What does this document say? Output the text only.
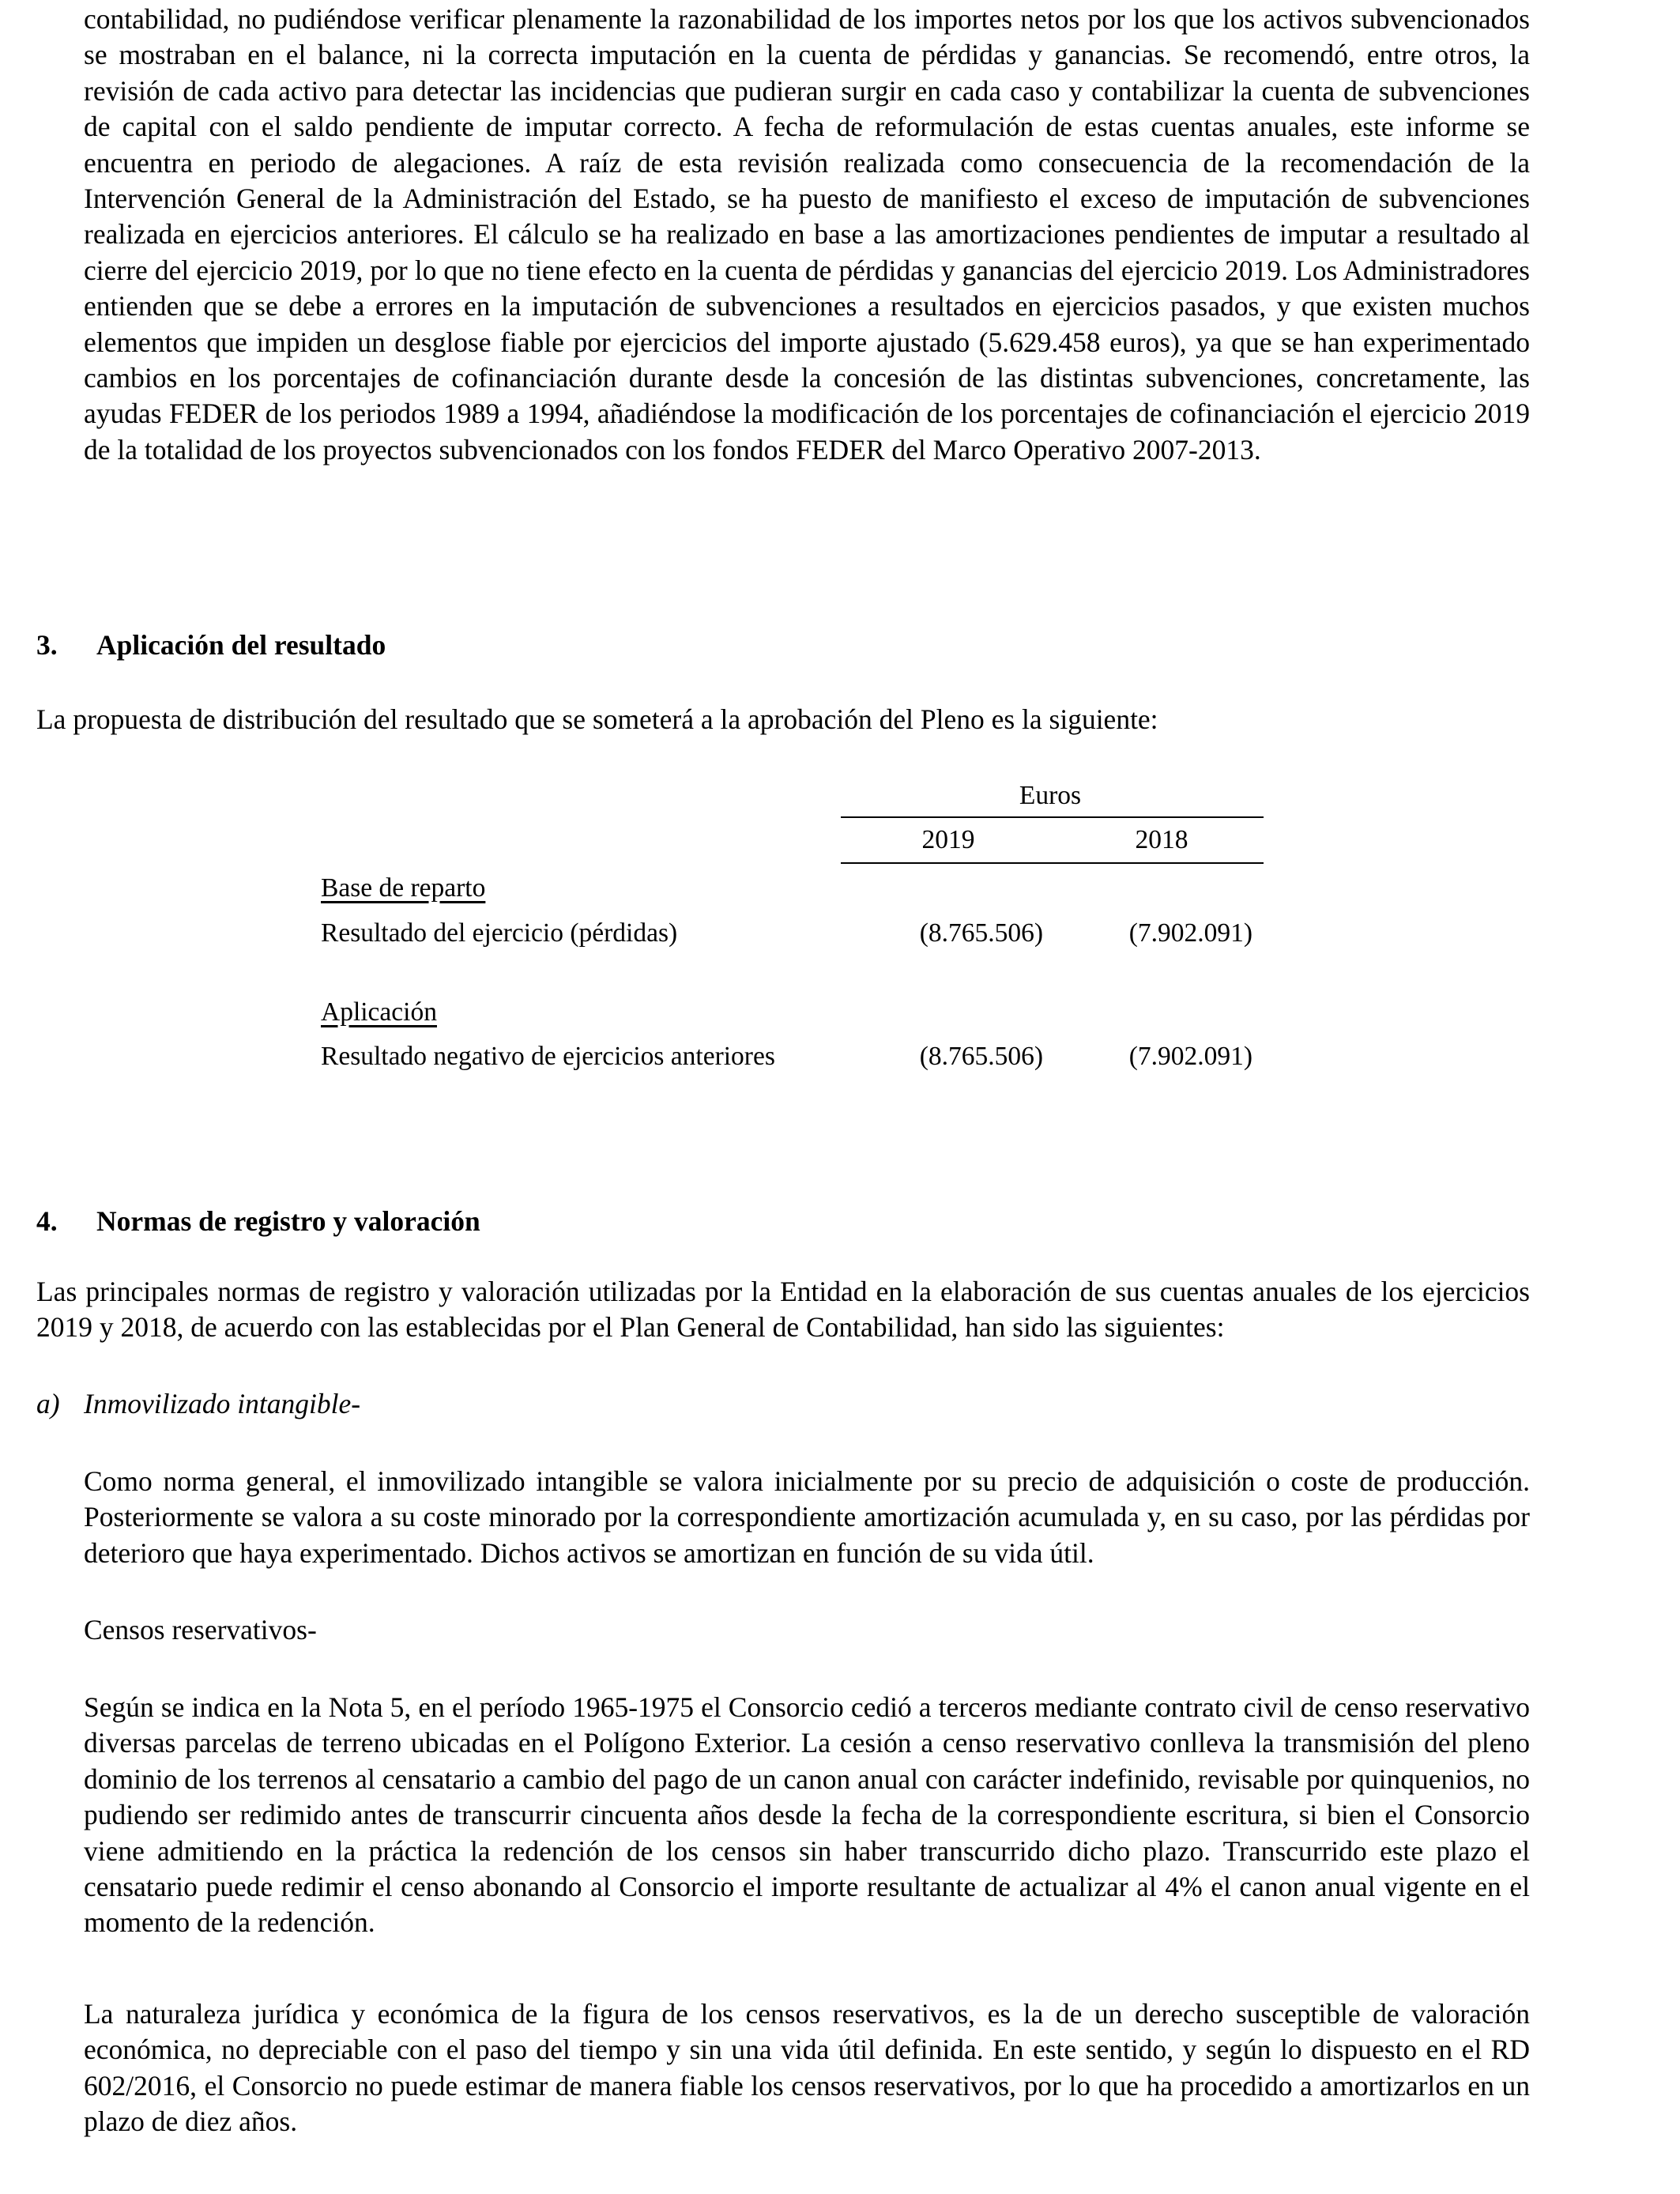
contabilidad, no pudiéndose verificar plenamente la razonabilidad de los importes netos por los que los activos subvencionados se mostraban en el balance, ni la correcta imputación en la cuenta de pérdidas y ganancias. Se recomendó, entre otros, la revisión de cada activo para detectar las incidencias que pudieran surgir en cada caso y contabilizar la cuenta de subvenciones de capital con el saldo pendiente de imputar correcto. A fecha de reformulación de estas cuentas anuales, este informe se encuentra en periodo de alegaciones. A raíz de esta revisión realizada como consecuencia de la recomendación de la Intervención General de la Administración del Estado, se ha puesto de manifiesto el exceso de imputación de subvenciones realizada en ejercicios anteriores. El cálculo se ha realizado en base a las amortizaciones pendientes de imputar a resultado al cierre del ejercicio 2019, por lo que no tiene efecto en la cuenta de pérdidas y ganancias del ejercicio 2019. Los Administradores entienden que se debe a errores en la imputación de subvenciones a resultados en ejercicios pasados, y que existen muchos elementos que impiden un desglose fiable por ejercicios del importe ajustado (5.629.458 euros), ya que se han experimentado cambios en los porcentajes de cofinanciación durante desde la concesión de las distintas subvenciones, concretamente, las ayudas FEDER de los periodos 1989 a 1994, añadiéndose la modificación de los porcentajes de cofinanciación el ejercicio 2019 de la totalidad de los proyectos subvencionados con los fondos FEDER del Marco Operativo 2007-2013.

3. Aplicación del resultado

La propuesta de distribución del resultado que se someterá a la aprobación del Pleno es la siguiente:

Euros
2019	2018
Base de reparto
Resultado del ejercicio (pérdidas)	(8.765.506)	(7.902.091)
Aplicación
Resultado negativo de ejercicios anteriores	(8.765.506)	(7.902.091)
4. Normas de registro y valoración

Las principales normas de registro y valoración utilizadas por la Entidad en la elaboración de sus cuentas anuales de los ejercicios 2019 y 2018, de acuerdo con las establecidas por el Plan General de Contabilidad, han sido las siguientes:

a) Inmovilizado intangible-

Como norma general, el inmovilizado intangible se valora inicialmente por su precio de adquisición o coste de producción. Posteriormente se valora a su coste minorado por la correspondiente amortización acumulada y, en su caso, por las pérdidas por deterioro que haya experimentado. Dichos activos se amortizan en función de su vida útil.

Censos reservativos-

Según se indica en la Nota 5, en el período 1965-1975 el Consorcio cedió a terceros mediante contrato civil de censo reservativo diversas parcelas de terreno ubicadas en el Polígono Exterior. La cesión a censo reservativo conlleva la transmisión del pleno dominio de los terrenos al censatario a cambio del pago de un canon anual con carácter indefinido, revisable por quinquenios, no pudiendo ser redimido antes de transcurrir cincuenta años desde la fecha de la correspondiente escritura, si bien el Consorcio viene admitiendo en la práctica la redención de los censos sin haber transcurrido dicho plazo. Transcurrido este plazo el censatario puede redimir el censo abonando al Consorcio el importe resultante de actualizar al 4% el canon anual vigente en el momento de la redención.

La naturaleza jurídica y económica de la figura de los censos reservativos, es la de un derecho susceptible de valoración económica, no depreciable con el paso del tiempo y sin una vida útil definida. En este sentido, y según lo dispuesto en el RD 602/2016, el Consorcio no puede estimar de manera fiable los censos reservativos, por lo que ha procedido a amortizarlos en un plazo de diez años.
